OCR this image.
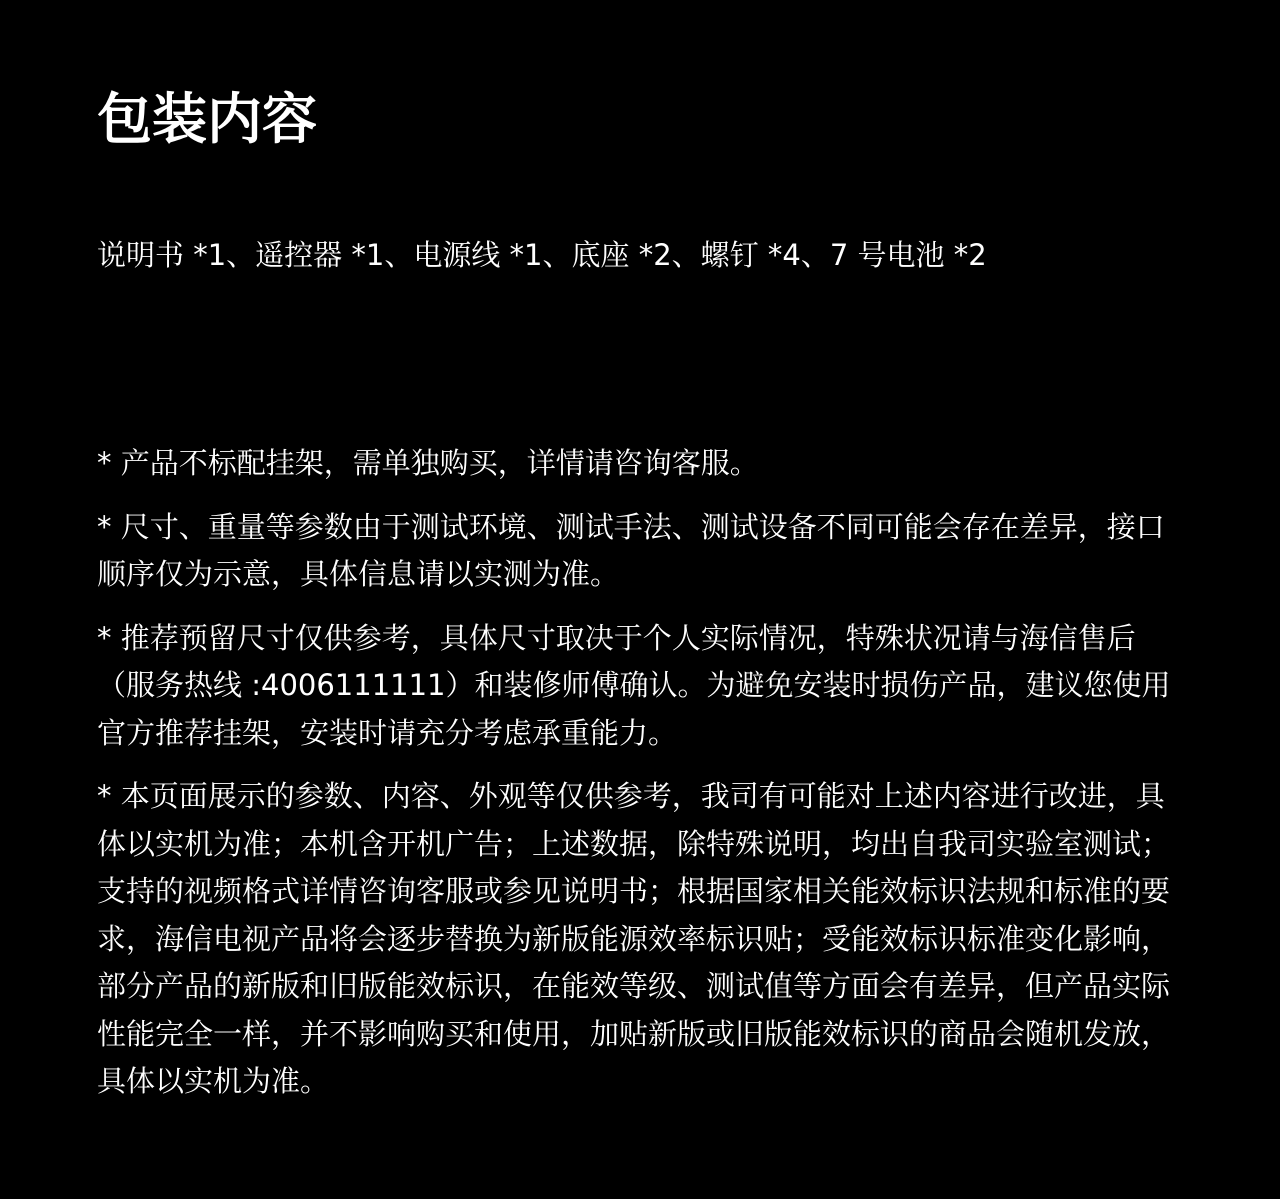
包装内容

说明书 *1、遥控器 *1、电源线 *1、底座 *2、螺钉 *4、7 号电池 *2

* 产品不标配挂架，需单独购买，详情请咨询客服。

* 尺寸、重量等参数由于测试环境、测试手法、测试设备不同可能会存在差异，接口顺序仅为示意，具体信息请以实测为准。

* 推荐预留尺寸仅供参考，具体尺寸取决于个人实际情况，特殊状况请与海信售后（服务热线 :4006111111）和装修师傅确认。为避免安装时损伤产品，建议您使用官方推荐挂架，安装时请充分考虑承重能力。

* 本页面展示的参数、内容、外观等仅供参考，我司有可能对上述内容进行改进，具体以实机为准；本机含开机广告；上述数据，除特殊说明，均出自我司实验室测试；支持的视频格式详情咨询客服或参见说明书；根据国家相关能效标识法规和标准的要求，海信电视产品将会逐步替换为新版能源效率标识贴；受能效标识标准变化影响，部分产品的新版和旧版能效标识，在能效等级、测试值等方面会有差异，但产品实际性能完全一样，并不影响购买和使用，加贴新版或旧版能效标识的商品会随机发放，具体以实机为准。
